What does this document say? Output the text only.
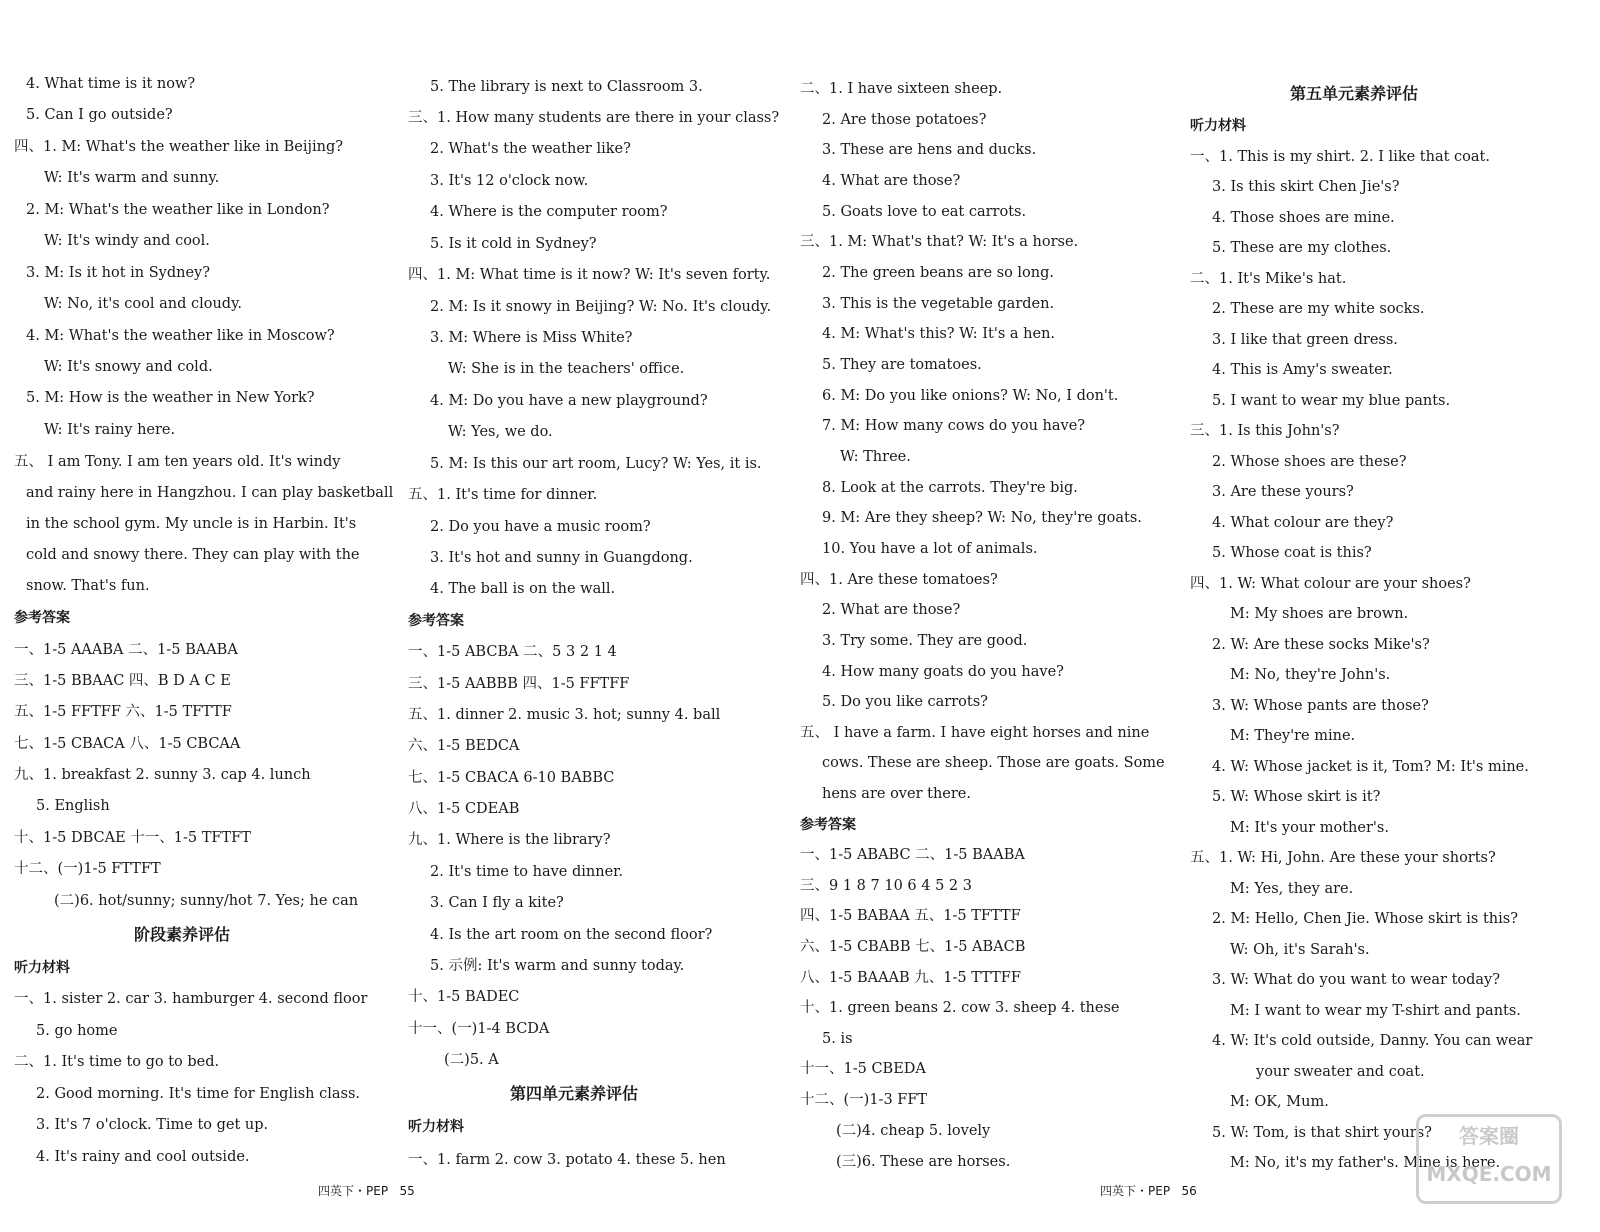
4. What time is it now?
5. Can I go outside?
四、1. M: What's the weather like in Beijing?
W: It's warm and sunny.
2. M: What's the weather like in London?
W: It's windy and cool.
3. M: Is it hot in Sydney?
W: No, it's cool and cloudy.
4. M: What's the weather like in Moscow?
W: It's snowy and cold.
5. M: How is the weather in New York?
W: It's rainy here.
五、 I am Tony. I am ten years old. It's windy
and rainy here in Hangzhou. I can play basketball
in the school gym. My uncle is in Harbin. It's
cold and snowy there. They can play with the
snow. That's fun.
参考答案
一、1-5 AAABA 二、1-5 BAABA
三、1-5 BBAAC 四、B D A C E
五、1-5 FFTFF 六、1-5 TFTTF
七、1-5 CBACA 八、1-5 CBCAA
九、1. breakfast 2. sunny 3. cap 4. lunch
5. English
十、1-5 DBCAE 十一、1-5 TFTFT
十二、(一)1-5 FTTFT
(二)6. hot/sunny; sunny/hot 7. Yes; he can
阶段素养评估
听力材料
一、1. sister 2. car 3. hamburger 4. second floor
5. go home
二、1. It's time to go to bed.
2. Good morning. It's time for English class.
3. It's 7 o'clock. Time to get up.
4. It's rainy and cool outside.
5. The library is next to Classroom 3.
三、1. How many students are there in your class?
2. What's the weather like?
3. It's 12 o'clock now.
4. Where is the computer room?
5. Is it cold in Sydney?
四、1. M: What time is it now? W: It's seven forty.
2. M: Is it snowy in Beijing? W: No. It's cloudy.
3. M: Where is Miss White?
W: She is in the teachers' office.
4. M: Do you have a new playground?
W: Yes, we do.
5. M: Is this our art room, Lucy? W: Yes, it is.
五、1. It's time for dinner.
2. Do you have a music room?
3. It's hot and sunny in Guangdong.
4. The ball is on the wall.
参考答案
一、1-5 ABCBA 二、5 3 2 1 4
三、1-5 AABBB 四、1-5 FFTFF
五、1. dinner 2. music 3. hot; sunny 4. ball
六、1-5 BEDCA
七、1-5 CBACA 6-10 BABBC
八、1-5 CDEAB
九、1. Where is the library?
2. It's time to have dinner.
3. Can I fly a kite?
4. Is the art room on the second floor?
5. 示例: It's warm and sunny today.
十、1-5 BADEC
十一、(一)1-4 BCDA
(二)5. A
第四单元素养评估
听力材料
一、1. farm 2. cow 3. potato 4. these 5. hen
二、1. I have sixteen sheep.
2. Are those potatoes?
3. These are hens and ducks.
4. What are those?
5. Goats love to eat carrots.
三、1. M: What's that? W: It's a horse.
2. The green beans are so long.
3. This is the vegetable garden.
4. M: What's this? W: It's a hen.
5. They are tomatoes.
6. M: Do you like onions? W: No, I don't.
7. M: How many cows do you have?
W: Three.
8. Look at the carrots. They're big.
9. M: Are they sheep? W: No, they're goats.
10. You have a lot of animals.
四、1. Are these tomatoes?
2. What are those?
3. Try some. They are good.
4. How many goats do you have?
5. Do you like carrots?
五、 I have a farm. I have eight horses and nine
cows. These are sheep. Those are goats. Some
hens are over there.
参考答案
一、1-5 ABABC 二、1-5 BAABA
三、9 1 8 7 10 6 4 5 2 3
四、1-5 BABAA 五、1-5 TFTTF
六、1-5 CBABB 七、1-5 ABACB
八、1-5 BAAAB 九、1-5 TTTFF
十、1. green beans 2. cow 3. sheep 4. these
5. is
十一、1-5 CBEDA
十二、(一)1-3 FFT
(二)4. cheap 5. lovely
(三)6. These are horses.
第五单元素养评估
听力材料
一、1. This is my shirt. 2. I like that coat.
3. Is this skirt Chen Jie's?
4. Those shoes are mine.
5. These are my clothes.
二、1. It's Mike's hat.
2. These are my white socks.
3. I like that green dress.
4. This is Amy's sweater.
5. I want to wear my blue pants.
三、1. Is this John's?
2. Whose shoes are these?
3. Are these yours?
4. What colour are they?
5. Whose coat is this?
四、1. W: What colour are your shoes?
M: My shoes are brown.
2. W: Are these socks Mike's?
M: No, they're John's.
3. W: Whose pants are those?
M: They're mine.
4. W: Whose jacket is it, Tom? M: It's mine.
5. W: Whose skirt is it?
M: It's your mother's.
五、1. W: Hi, John. Are these your shorts?
M: Yes, they are.
2. M: Hello, Chen Jie. Whose skirt is this?
W: Oh, it's Sarah's.
3. W: What do you want to wear today?
M: I want to wear my T-shirt and pants.
4. W: It's cold outside, Danny. You can wear
your sweater and coat.
M: OK, Mum.
5. W: Tom, is that shirt yours?
M: No, it's my father's. Mine is here.
四英下・PEP 55	四英下・PEP 56
答案圈
MXQE.COM
